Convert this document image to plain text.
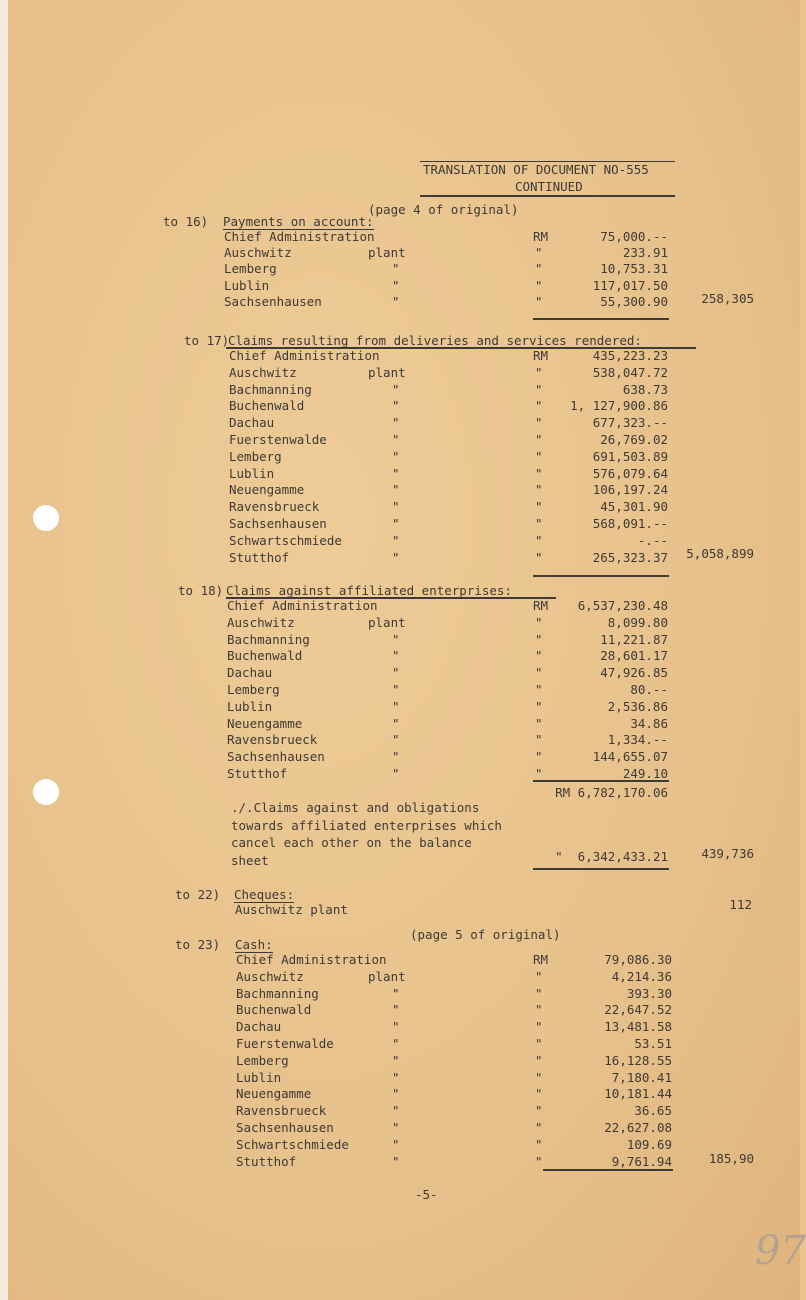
TRANSLATION OF DOCUMENT NO-555
CONTINUED
to 16) Payments on account:
(page 4 of original)
Chief Administration	RM	75,000.--
Auschwitz	plant	"	233.91
Lemberg	"	"	10,753.31
Lublin	"	"	117,017.50
Sachsenhausen	"	"	55,300.90	258,305
to 17)
Claims resulting from deliveries and services rendered:
Chief Administration	RM	435,223.23
Auschwitz	plant	"	538,047.72
Bachmanning	"	"	638.73
Buchenwald	"	" 1, 127,900.86
Dachau	"	"	677,323.--
Fuerstenwalde	"	"	26,769.02
Lemberg	"	"	691,503.89
Lublin	"	"	576,079.64
Neuengamme	"	"	106,197.24
Ravensbrueck	"	"	45,301.90
Sachsenhausen	"	"	568,091.--
Schwartschmiede	"	"	-.--
Stutthof	"	"	265,323.37 5,058,899
to 18) Claims against affiliated enterprises:
Chief Administration	RM 6,537,230.48
Auschwitz	plant	"	8,099.80
Bachmanning	"	"	11,221.87
Buchenwald	"	"	28,601.17
Dachau	"	"	47,926.85
Lemberg	"	"	80.--
Lublin	"	"	2,536.86
Neuengamme	"	"	34.86
Ravensbrueck	"	"	1,334.--
Sachsenhausen	"	"	144,655.07
Stutthof	"	"	249.10
RM 6,782,170.06
./.Claims against and obligations
towards affiliated enterprises which
cancel each other on the balance
sheet	"  6,342,433.21	439,736
to 22) Cheques:
Auschwitz plant	112
to 23) Cash:
(page 5 of original)
Chief Administration	RM	79,086.30
Auschwitz	plant	"	4,214.36
Bachmanning	"	"	393.30
Buchenwald	"	"	22,647.52
Dachau	"	"	13,481.58
Fuerstenwalde	"	"	53.51
Lemberg	"	"	16,128.55
Lublin	"	"	7,180.41
Neuengamme	"	"	10,181.44
Ravensbrueck	"	"	36.65
Sachsenhausen	"	"	22,627.08
Schwartschmiede	"	"	109.69
Stutthof	"	"	9,761.94	185,90
-5-
97
